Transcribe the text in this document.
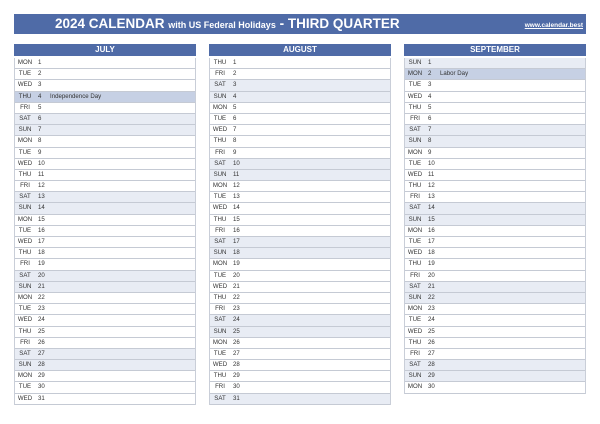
2024 CALENDAR with US Federal Holidays - THIRD QUARTER	www.calendar.best
JULY
MON 1
TUE	2
WED 3
THU 4 Independence Day
FRI	5
SAT	6
SUN 7
MON 8
TUE	9
WED 10
THU 11
FRI	12
SAT	13
SUN 14
MON 15
TUE	16
WED 17
THU 18
FRI	19
SAT	20
SUN 21
MON 22
TUE	23
WED 24
THU 25
FRI	26
SAT	27
SUN 28
MON 29
TUE	30
WED 31
AUGUST
THU 1
FRI	2
SAT	3
SUN 4
MON 5
TUE	6
WED 7
THU 8
FRI	9
SAT	10
SUN 11
MON 12
TUE	13
WED 14
THU 15
FRI	16
SAT	17
SUN 18
MON 19
TUE	20
WED 21
THU 22
FRI	23
SAT	24
SUN 25
MON 26
TUE	27
WED 28
THU 29
FRI	30
SAT	31
SEPTEMBER
SUN 1
MON 2 Labor Day
TUE	3
WED 4
THU 5
FRI	6
SAT	7
SUN 8
MON 9
TUE	10
WED 11
THU 12
FRI	13
SAT	14
SUN 15
MON 16
TUE	17
WED 18
THU 19
FRI	20
SAT	21
SUN 22
MON 23
TUE	24
WED 25
THU 26
FRI	27
SAT	28
SUN 29
MON 30
